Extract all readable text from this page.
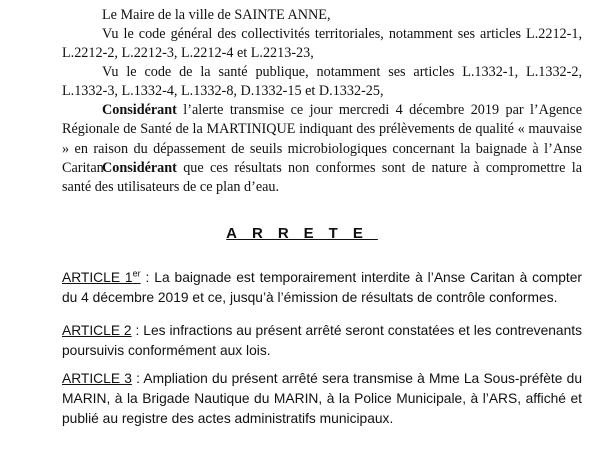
Le Maire de la ville de SAINTE ANNE,

Vu le code général des collectivités territoriales, notamment ses articles L.2212-1, L.2212-2, L.2212-3, L.2212-4 et L.2213-23,

Vu le code de la santé publique, notamment ses articles L.1332-1, L.1332-2, L.1332-3, L.1332-4, L.1332-8, D.1332-15 et D.1332-25,

Considérant l’alerte transmise ce jour mercredi 4 décembre 2019 par l’Agence Régionale de Santé de la MARTINIQUE indiquant des prélèvements de qualité « mauvaise » en raison du dépassement de seuils microbiologiques concernant la baignade à l’Anse Caritan

Considérant que ces résultats non conformes sont de nature à compromettre la santé des utilisateurs de ce plan d’eau.

ARRETE

ARTICLE 1er : La baignade est temporairement interdite à l’Anse Caritan à compter du 4 décembre 2019 et ce, jusqu’à l’émission de résultats de contrôle conformes.

ARTICLE 2 : Les infractions au présent arrêté seront constatées et les contrevenants poursuivis conformément aux lois.

ARTICLE 3 : Ampliation du présent arrêté sera transmise à Mme La Sous-préfète du MARIN, à la Brigade Nautique du MARIN, à la Police Municipale, à l’ARS, affiché et publié au registre des actes administratifs municipaux.
